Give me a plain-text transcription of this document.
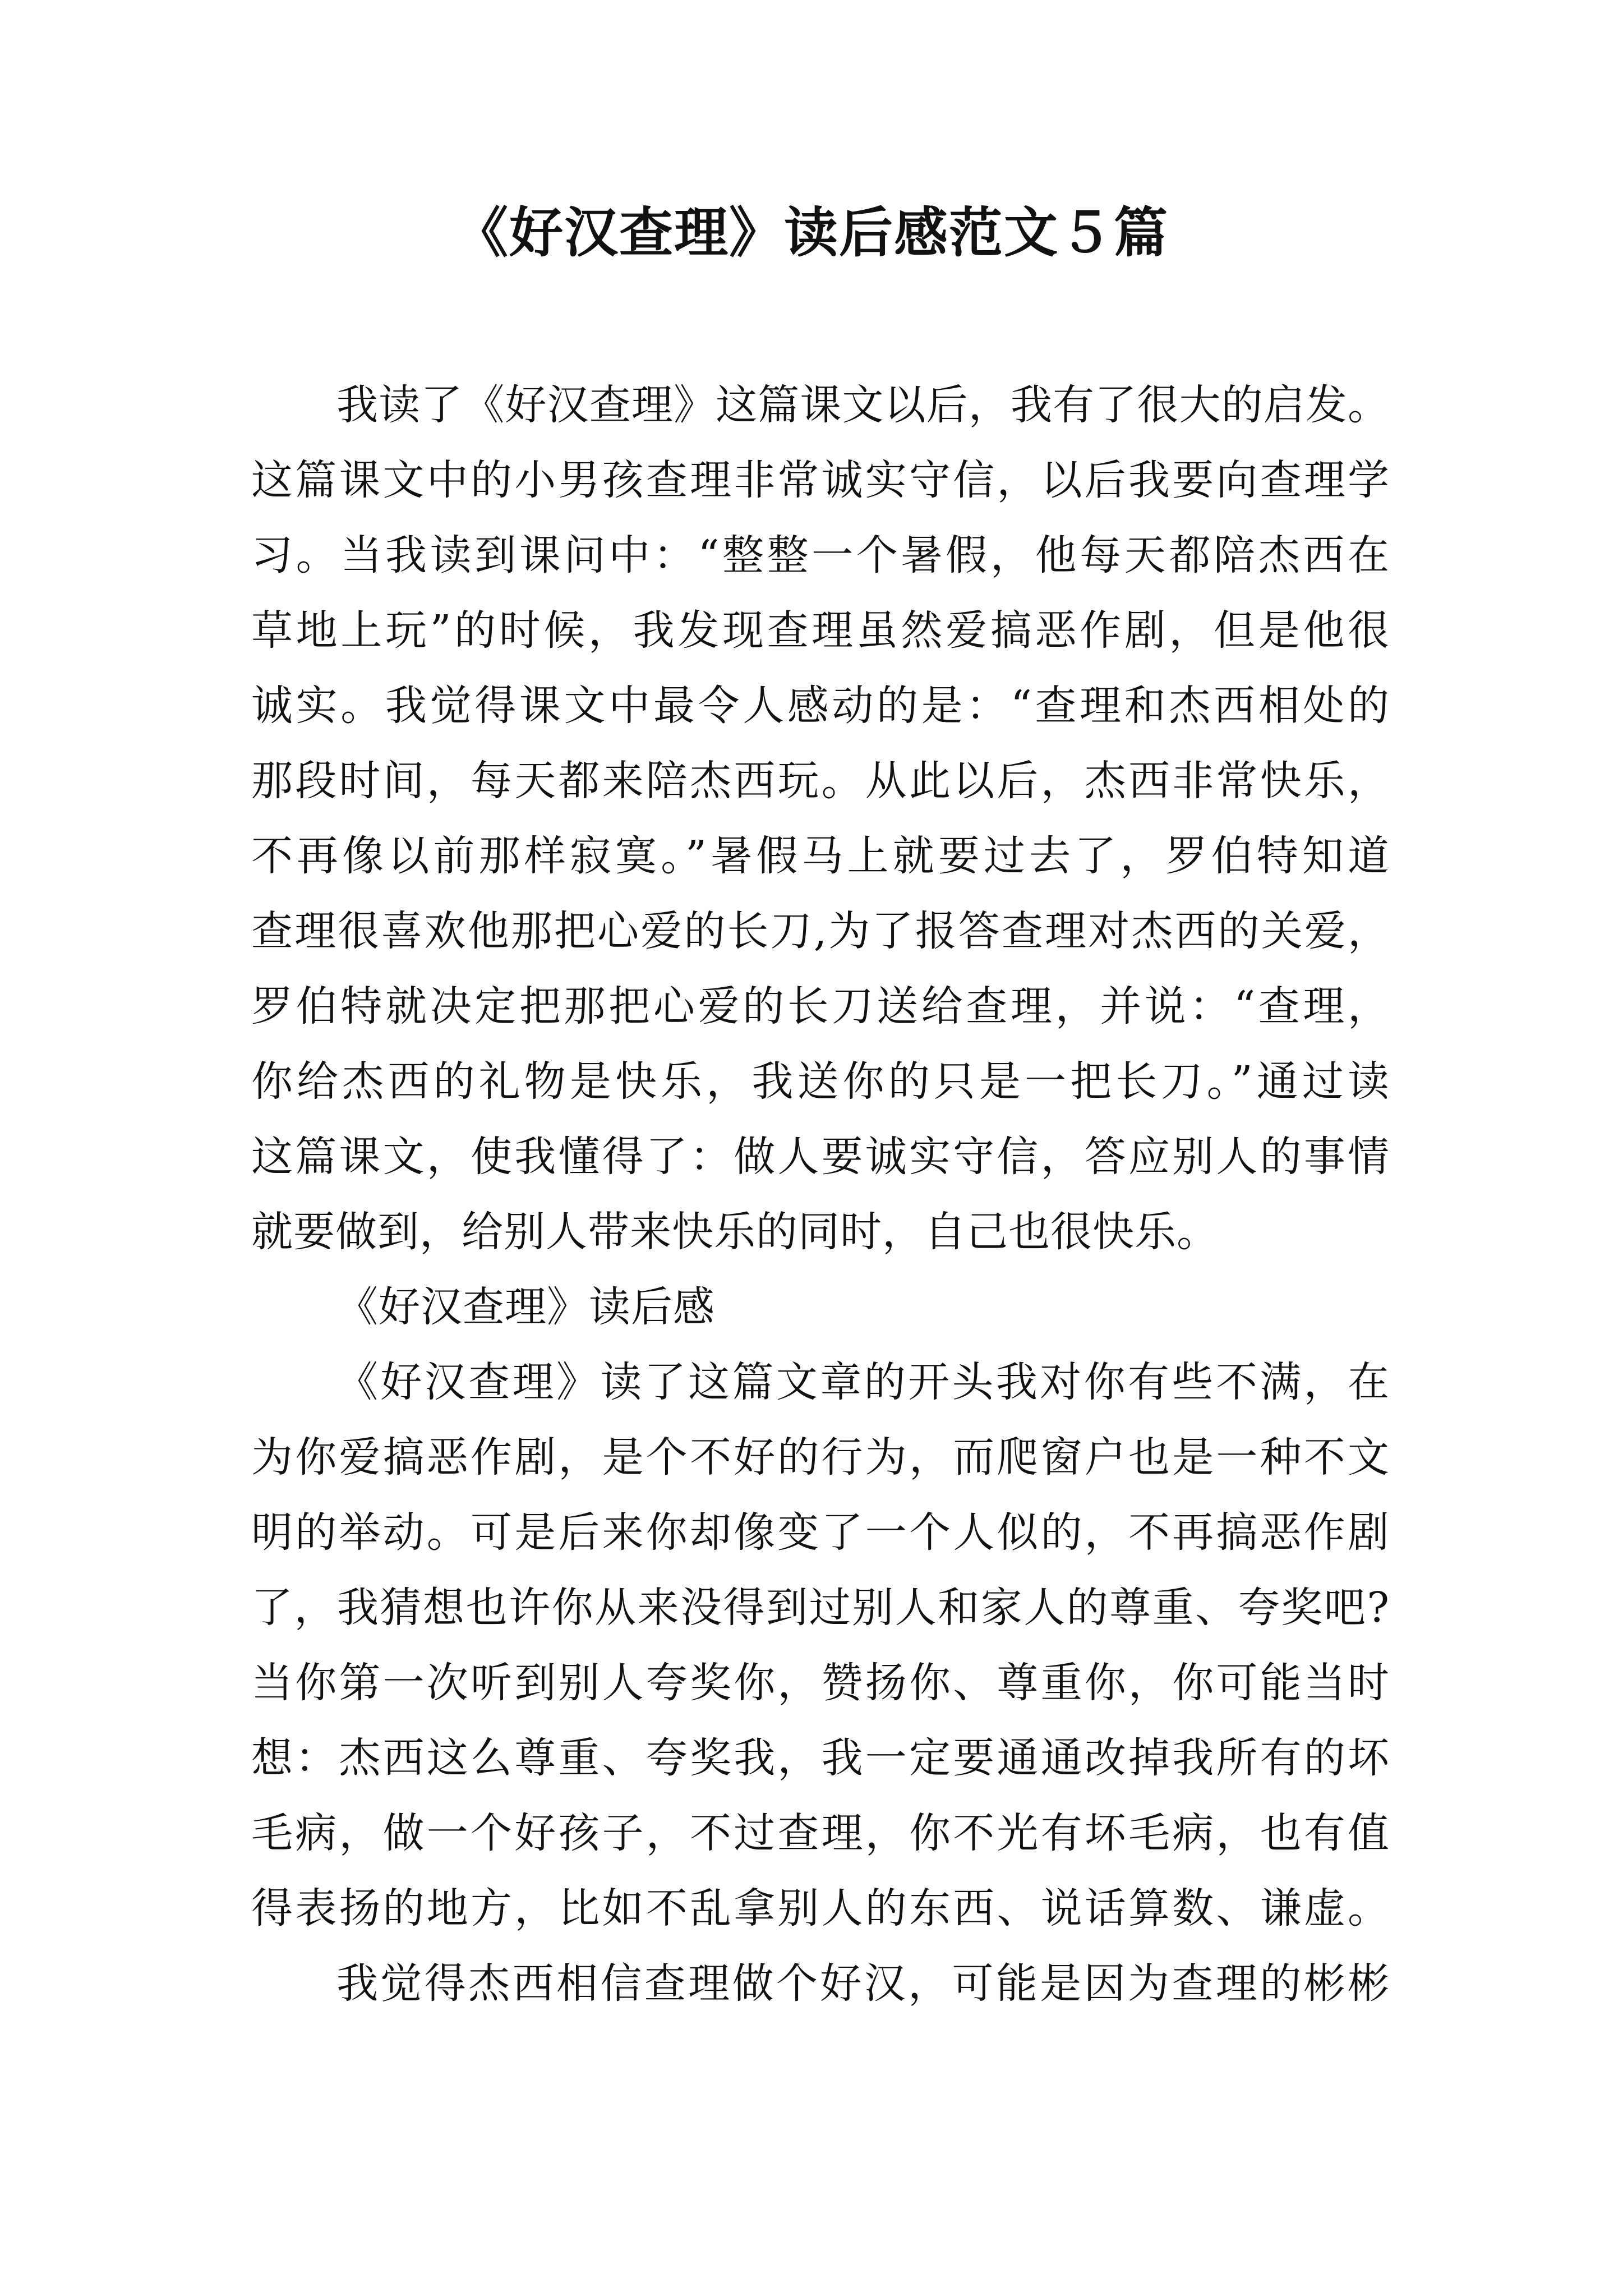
《好汉查理》读后感范文５篇
我读了《好汉查理》这篇课文以后，我有了很大的启发。
这篇课文中的小男孩查理非常诚实守信，以后我要向查理学
习。当我读到课问中：“整整一个暑假，他每天都陪杰西在
草地上玩”的时候，我发现查理虽然爱搞恶作剧，但是他很
诚实。我觉得课文中最令人感动的是：“查理和杰西相处的
那段时间，每天都来陪杰西玩。从此以后，杰西非常快乐，
不再像以前那样寂寞。”暑假马上就要过去了，罗伯特知道
查理很喜欢他那把心爱的长刀,为了报答查理对杰西的关爱，
罗伯特就决定把那把心爱的长刀送给查理，并说：“查理，
你给杰西的礼物是快乐，我送你的只是一把长刀。”通过读
这篇课文，使我懂得了：做人要诚实守信，答应别人的事情
就要做到，给别人带来快乐的同时，自己也很快乐。
《好汉查理》读后感
《好汉查理》读了这篇文章的开头我对你有些不满，在
为你爱搞恶作剧，是个不好的行为，而爬窗户也是一种不文
明的举动。可是后来你却像变了一个人似的，不再搞恶作剧
了，我猜想也许你从来没得到过别人和家人的尊重、夸奖吧?
当你第一次听到别人夸奖你，赞扬你、尊重你，你可能当时
想：杰西这么尊重、夸奖我，我一定要通通改掉我所有的坏
毛病，做一个好孩子，不过查理，你不光有坏毛病，也有值
得表扬的地方，比如不乱拿别人的东西、说话算数、谦虚。
我觉得杰西相信查理做个好汉，可能是因为查理的彬彬
